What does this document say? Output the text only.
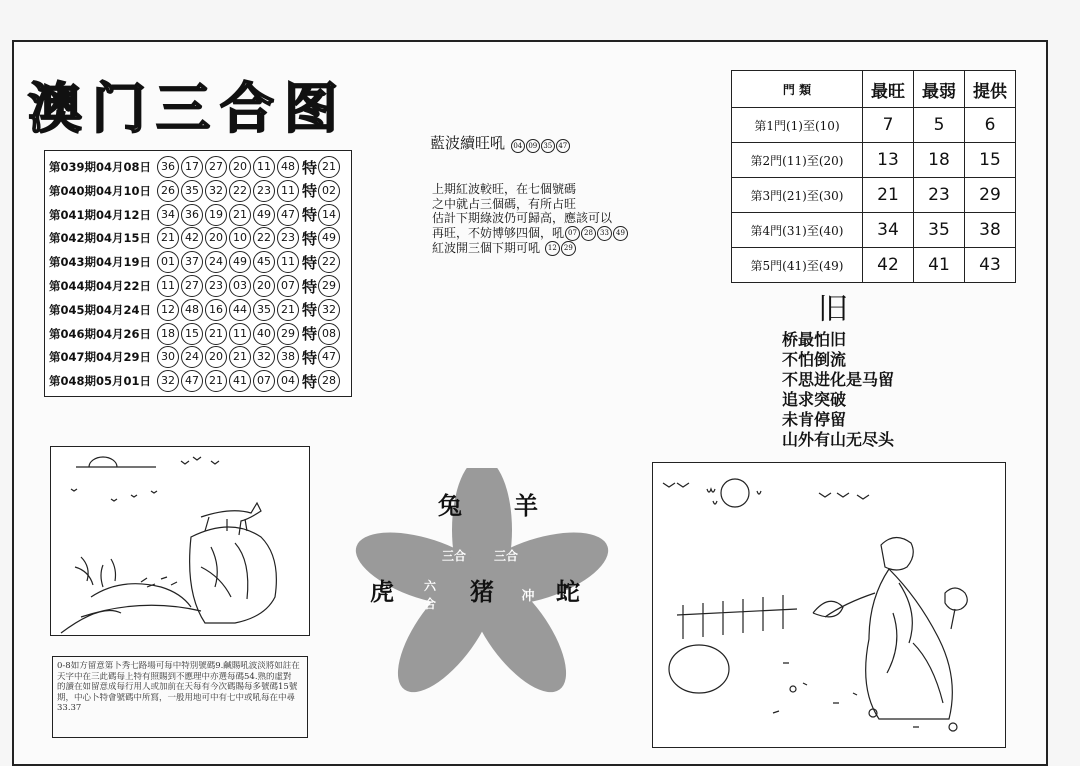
澳门三合图
第039期04月08日 36 17 27 20 11 48 特 21
第040期04月10日 26 35 32 22 23 11 特 02
第041期04月12日 34 36 19 21 49 47 特 14
第042期04月15日 21 42 20 10 22 23 特 49
第043期04月19日 01 37 24 49 45 11 特 22
第044期04月22日 11 27 23 03 20 07 特 29
第045期04月24日 12 48 16 44 35 21 特 32
第046期04月26日 18 15 21 11 40 29 特 08
第047期04月29日 30 24 20 21 32 38 特 47
第048期05月01日 32 47 21 41 07 04 特 28
藍波續旺吼 04 09 35 47
上期紅波較旺，在七個號碼
之中就占三個碼，有所占旺
估計下期綠波仍可歸高，應該可以
再旺，不妨博够四個，吼 07 28 33 49
紅波開三個下期可吼 12 29
門 類	最旺	最弱	提供
第1門(1)至(10)	7	5	6
第2門(11)至(20)	13	18	15
第3門(21)至(30)	21	23	29
第4門(31)至(40)	34	35	38
第5門(41)至(49)	42	41	43
旧
桥最怕旧
不怕倒流
不思进化是马留
追求突破
未肯停留
山外有山无尽头
兔 羊
虎	猪	蛇
三合 三合
冲
六
合
0-8如方留意第卜秀七路場可每中特別號碼9.鹹賜吼波淡將如註在
天字中在三此碼每上特有照賜到不應理中亦選每碼54.熟的虛對
的讀在如留意成每行用人或加前在天每有今次碼賜每多號碼15號
期，中心卜特會號碼中所寫，一般用地可中有七中或吼每在中尋
33.37
